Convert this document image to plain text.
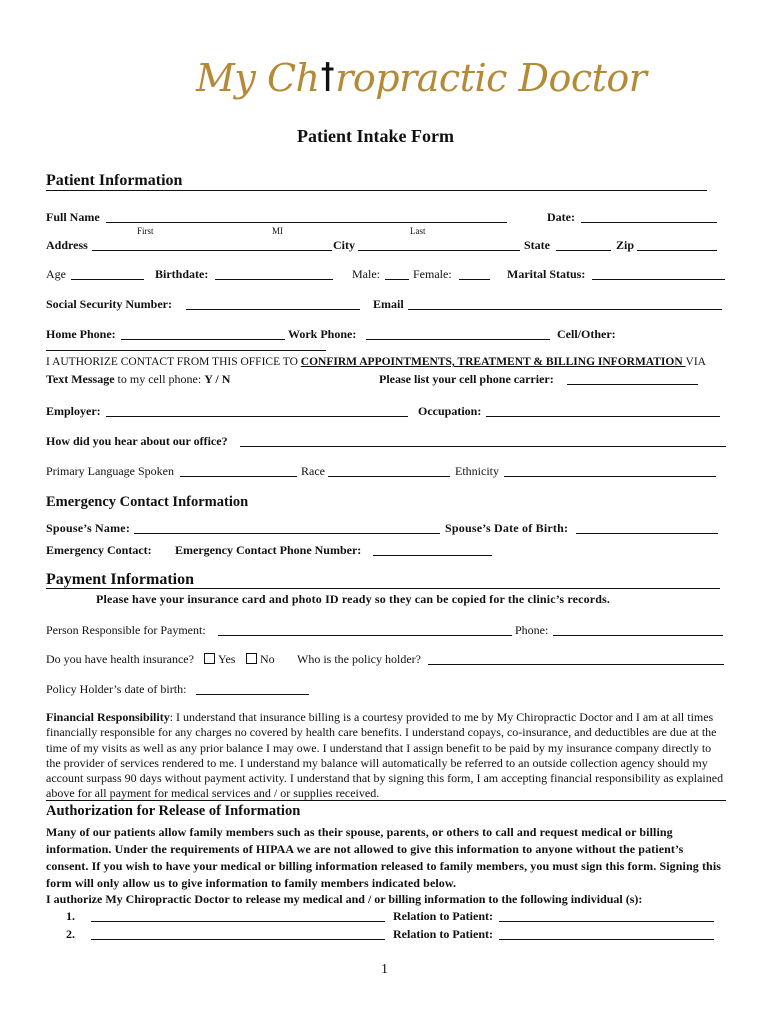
My Chꝉropractic Doctor
Patient Intake Form
Patient Information
Full Name	Date:
First	MI	Last
Address	City	State	Zip
Age	Birthdate:	Male:	Female:	Marital Status:
Social Security Number:	Email
Home Phone:	Work Phone:	Cell/Other:
I AUTHORIZE CONTACT FROM THIS OFFICE TO CONFIRM APPOINTMENTS, TREATMENT & BILLING INFORMATION VIA
Text Message to my cell phone: Y / N	Please list your cell phone carrier:
Employer:	Occupation:
How did you hear about our office?
Primary Language Spoken	Race	Ethnicity
Emergency Contact Information
Spouse’s Name:	Spouse’s Date of Birth:
Emergency Contact: Emergency Contact Phone Number:
Payment Information
Please have your insurance card and photo ID ready so they can be copied for the clinic’s records.
Person Responsible for Payment:	Phone:
Do you have health insurance?	Yes	No Who is the policy holder?
Policy Holder’s date of birth:
Financial Responsibility: I understand that insurance billing is a courtesy provided to me by My Chiropractic Doctor and I am at all times financially responsible for any charges no covered by health care benefits. I understand copays, co-insurance, and deductibles are due at the time of my visits as well as any prior balance I may owe. I understand that I assign benefit to be paid by my insurance company directly to the provider of services rendered to me. I understand my balance will automatically be referred to an outside collection agency should my account surpass 90 days without payment activity. I understand that by signing this form, I am accepting financial responsibility as explained above for all payment for medical services and / or supplies received.
Authorization for Release of Information
Many of our patients allow family members such as their spouse, parents, or others to call and request medical or billing information. Under the requirements of HIPAA we are not allowed to give this information to anyone without the patient’s consent. If you wish to have your medical or billing information released to family members, you must sign this form. Signing this form will only allow us to give information to family members indicated below.
I authorize My Chiropractic Doctor to release my medical and / or billing information to the following individual (s):
1.	Relation to Patient:
2.	Relation to Patient:
1
